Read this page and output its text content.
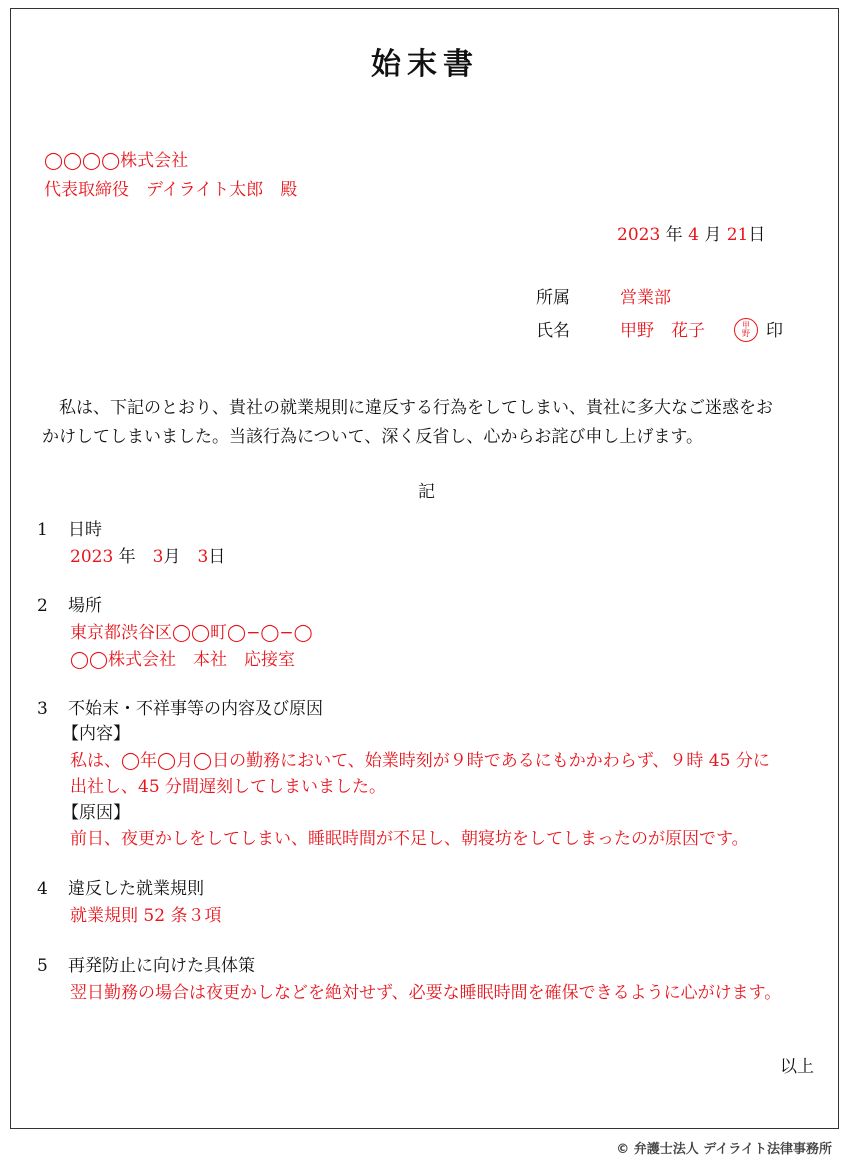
始末書
◯◯◯◯株式会社
代表取締役　デイライト太郎　殿
2023 年 4 月 21日
所属	営業部
氏名	甲野　花子	甲野 印
私は、下記のとおり、貴社の就業規則に違反する行為をしてしまい、貴社に多大なご迷惑をお
かけしてしまいました。当該行為について、深く反省し、心からお詫び申し上げます。
記
1 日時
2023 年　 3月　 3日
2 場所
東京都渋谷区◯◯町◯−◯−◯
◯◯株式会社　本社　応接室
3 不始末・不祥事等の内容及び原因
【内容】
私は、◯年◯月◯日の勤務において、始業時刻が９時であるにもかかわらず、９時 45 分に
出社し、45 分間遅刻してしまいました。
【原因】
前日、夜更かしをしてしまい、睡眠時間が不足し、朝寝坊をしてしまったのが原因です。
4 違反した就業規則
就業規則 52 条３項
5 再発防止に向けた具体策
翌日勤務の場合は夜更かしなどを絶対せず、必要な睡眠時間を確保できるように心がけます。
以上
© 弁護士法人 デイライト法律事務所
